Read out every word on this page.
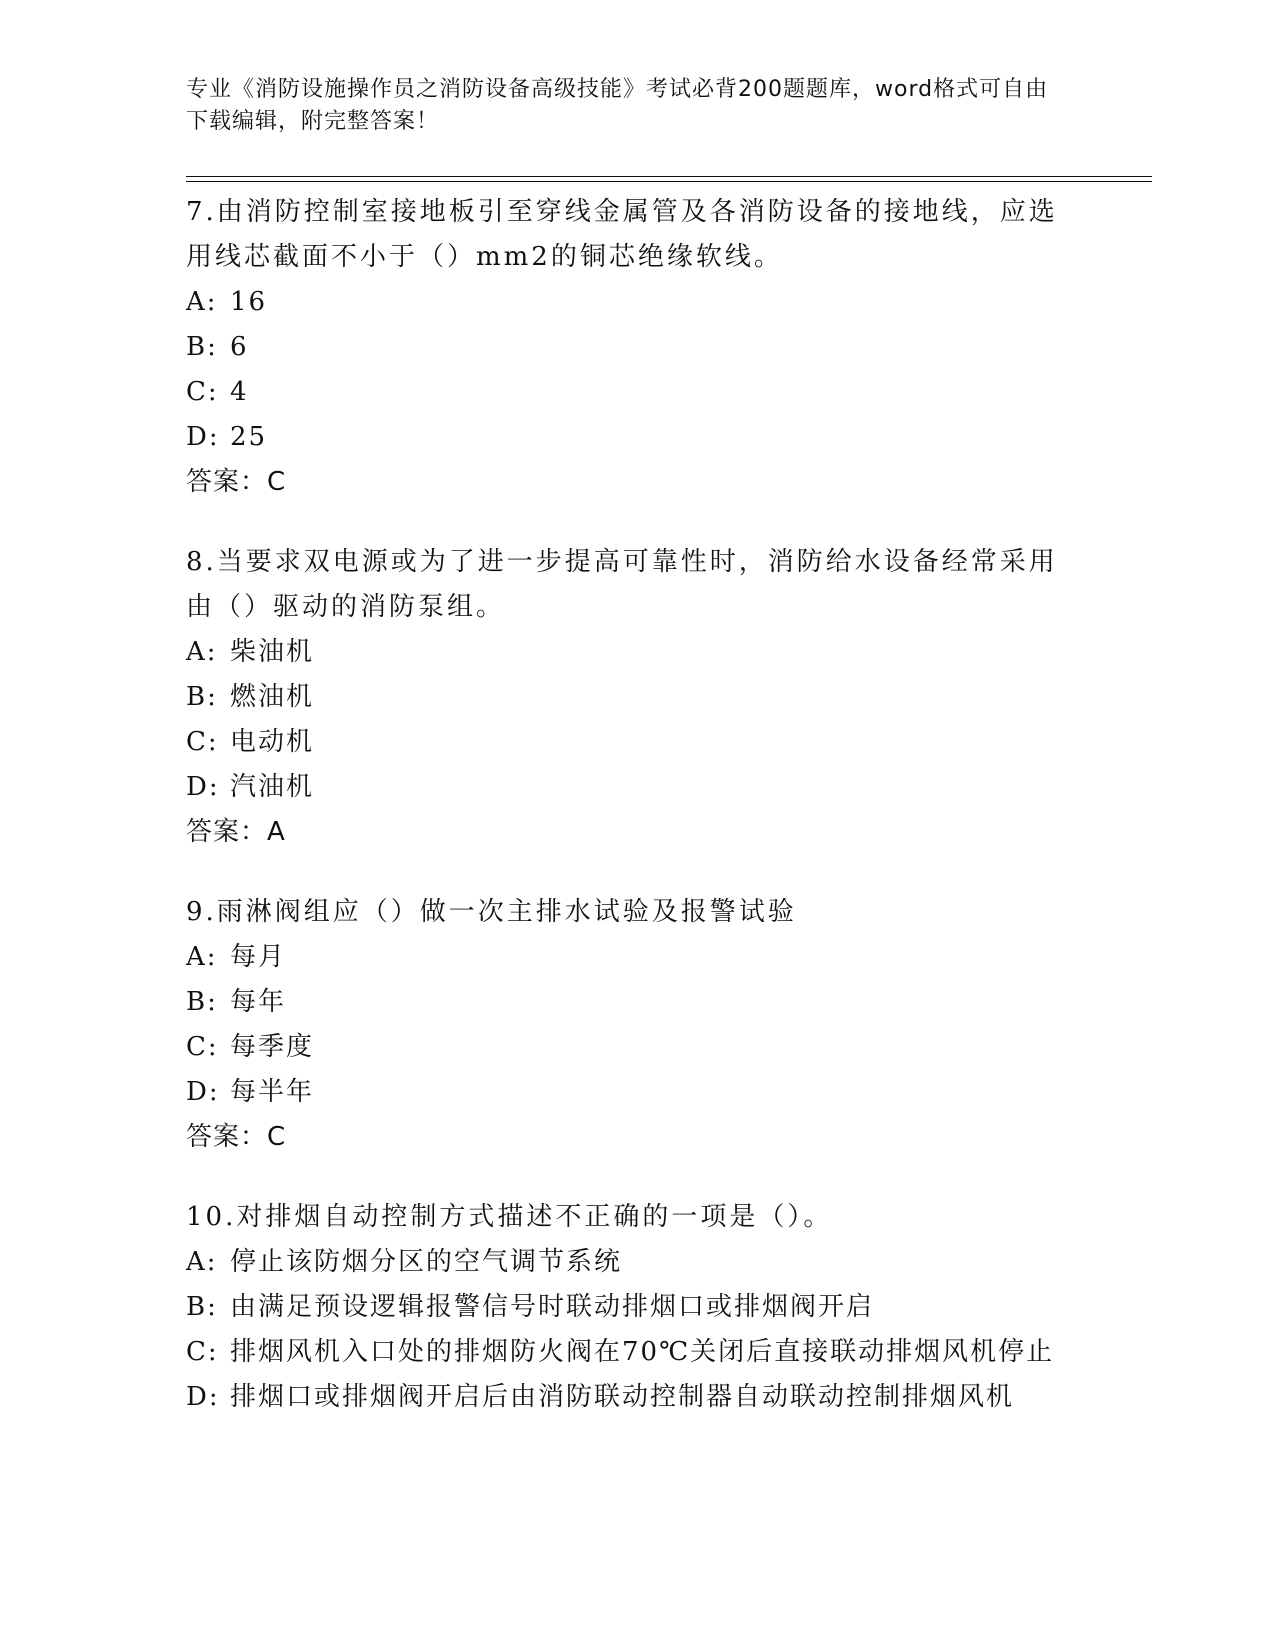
专业《消防设施操作员之消防设备高级技能》考试必背200题题库，word格式可自由下载编辑，附完整答案！
7.由消防控制室接地板引至穿线金属管及各消防设备的接地线，应选用线芯截面不小于（）mm2的铜芯绝缘软线。
A: 16
B: 6
C: 4
D: 25
答案：C
8.当要求双电源或为了进一步提高可靠性时，消防给水设备经常采用由（）驱动的消防泵组。
A: 柴油机
B: 燃油机
C: 电动机
D: 汽油机
答案：A
9.雨淋阀组应（）做一次主排水试验及报警试验
A: 每月
B: 每年
C: 每季度
D: 每半年
答案：C
10.对排烟自动控制方式描述不正确的一项是（）。
A: 停止该防烟分区的空气调节系统
B: 由满足预设逻辑报警信号时联动排烟口或排烟阀开启
C: 排烟风机入口处的排烟防火阀在70℃关闭后直接联动排烟风机停止
D: 排烟口或排烟阀开启后由消防联动控制器自动联动控制排烟风机
